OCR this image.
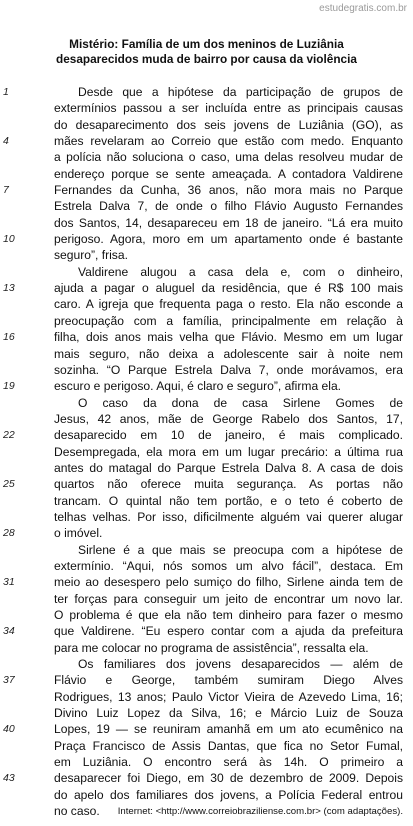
estudegratis.com.br
Mistério: Família de um dos meninos de Luziânia
desaparecidos muda de bairro por causa da violência
1	Desde que a hipótese da participação de grupos de
extermínios passou a ser incluída entre as principais causas
do desaparecimento dos seis jovens de Luziânia (GO), as
4	mães revelaram ao Correio que estão com medo. Enquanto
a polícia não soluciona o caso, uma delas resolveu mudar de
endereço porque se sente ameaçada. A contadora Valdirene
7	Fernandes da Cunha, 36 anos, não mora mais no Parque
Estrela Dalva 7, de onde o filho Flávio Augusto Fernandes
dos Santos, 14, desapareceu em 18 de janeiro. “Lá era muito
10	perigoso. Agora, moro em um apartamento onde é bastante
seguro”, frisa.
Valdirene alugou a casa dela e, com o dinheiro,
13	ajuda a pagar o aluguel da residência, que é R$ 100 mais
caro. A igreja que frequenta paga o resto. Ela não esconde a
preocupação com a família, principalmente em relação à
16	filha, dois anos mais velha que Flávio. Mesmo em um lugar
mais seguro, não deixa a adolescente sair à noite nem
sozinha. “O Parque Estrela Dalva 7, onde morávamos, era
19	escuro e perigoso. Aqui, é claro e seguro”, afirma ela.
O caso da dona de casa Sirlene Gomes de
Jesus, 42 anos, mãe de George Rabelo dos Santos, 17,
22	desaparecido em 10 de janeiro, é mais complicado.
Desempregada, ela mora em um lugar precário: a última rua
antes do matagal do Parque Estrela Dalva 8. A casa de dois
25	quartos não oferece muita segurança. As portas não
trancam. O quintal não tem portão, e o teto é coberto de
telhas velhas. Por isso, dificilmente alguém vai querer alugar
28	o imóvel.
Sirlene é a que mais se preocupa com a hipótese de
extermínio. “Aqui, nós somos um alvo fácil”, destaca. Em
31	meio ao desespero pelo sumiço do filho, Sirlene ainda tem de
ter forças para conseguir um jeito de encontrar um novo lar.
O problema é que ela não tem dinheiro para fazer o mesmo
34	que Valdirene. “Eu espero contar com a ajuda da prefeitura
para me colocar no programa de assistência”, ressalta ela.
Os familiares dos jovens desaparecidos — além de
37	Flávio e George, também sumiram Diego Alves
Rodrigues, 13 anos; Paulo Victor Vieira de Azevedo Lima, 16;
Divino Luiz Lopez da Silva, 16; e Márcio Luiz de Souza
40	Lopes, 19 — se reuniram amanhã em um ato ecumênico na
Praça Francisco de Assis Dantas, que fica no Setor Fumal,
em Luziânia. O encontro será às 14h. O primeiro a
43	desaparecer foi Diego, em 30 de dezembro de 2009. Depois
do apelo dos familiares dos jovens, a Polícia Federal entrou
no caso.	Internet: <http://www.correiobraziliense.com.br> (com adaptações).
